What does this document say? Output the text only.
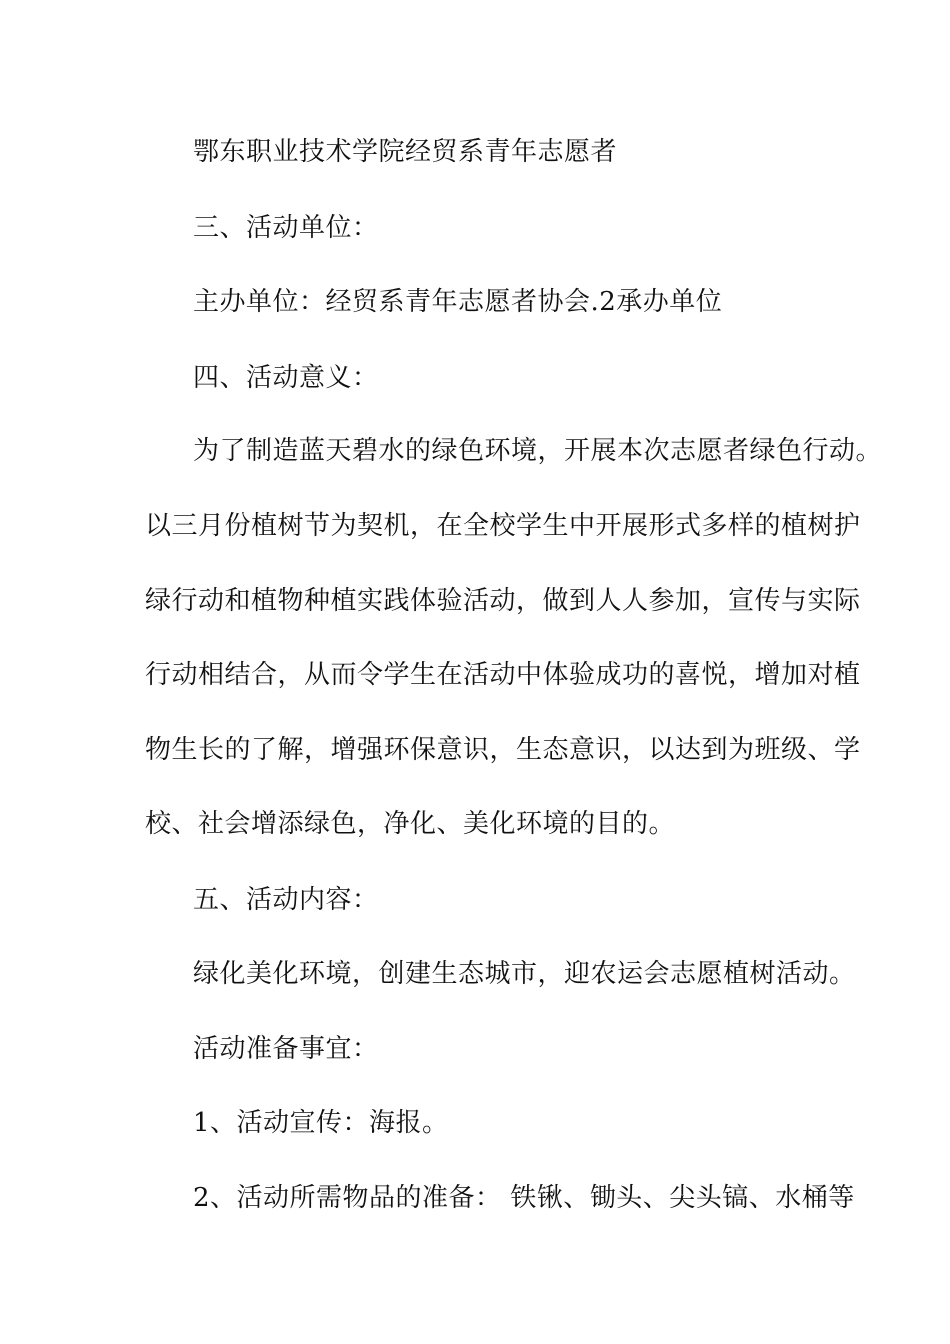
鄂东职业技术学院经贸系青年志愿者
三、活动单位：
主办单位：经贸系青年志愿者协会.2承办单位
四、活动意义：
为了制造蓝天碧水的绿色环境，开展本次志愿者绿色行动。
以三月份植树节为契机，在全校学生中开展形式多样的植树护
绿行动和植物种植实践体验活动，做到人人参加，宣传与实际
行动相结合，从而令学生在活动中体验成功的喜悦，增加对植
物生长的了解，增强环保意识，生态意识，以达到为班级、学
校、社会增添绿色，净化、美化环境的目的。
五、活动内容：
绿化美化环境，创建生态城市，迎农运会志愿植树活动。
活动准备事宜：
1、活动宣传：海报。
2、活动所需物品的准备： 铁锹、锄头、尖头镐、水桶等
